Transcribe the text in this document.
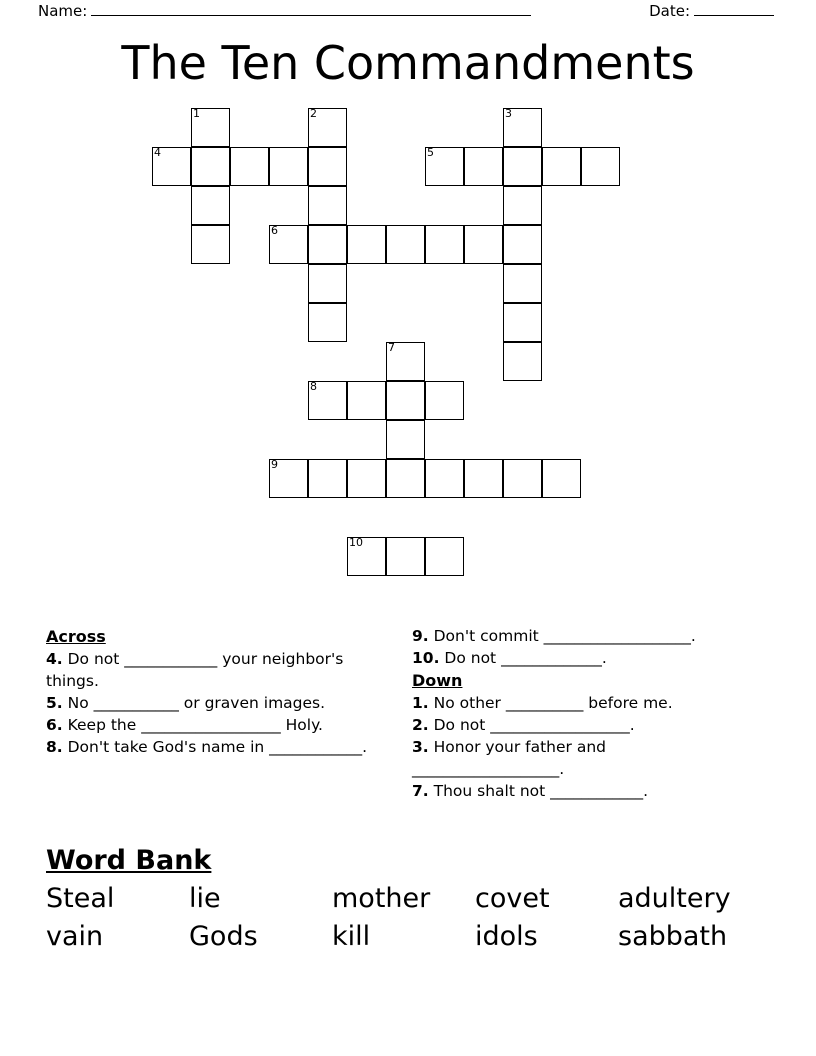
Name:	Date:
The Ten Commandments
1	2	3
4	5
6
7
8
9
10
Across
4. Do not ____________ your neighbor's things.
5. No ___________ or graven images.
6. Keep the __________________ Holy.
8. Don't take God's name in ____________.
9. Don't commit ___________________.
10. Do not _____________.
Down
1. No other __________ before me.
2. Do not __________________.
3. Honor your father and ___________________.
7. Thou shalt not ____________.
Word Bank
Steal	lie	mother	covet	adultery
vain	Gods	kill	idols	sabbath
